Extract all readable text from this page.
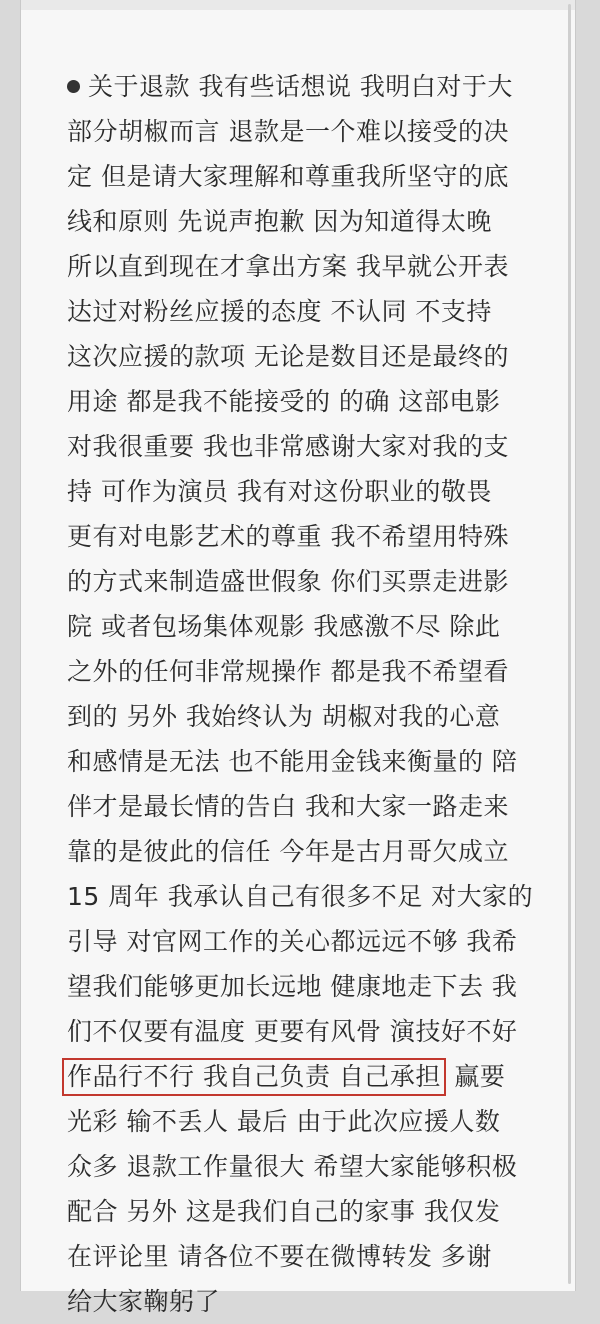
关于退款 我有些话想说 我明白对于大
部分胡椒而言 退款是一个难以接受的决
定 但是请大家理解和尊重我所坚守的底
线和原则 先说声抱歉 因为知道得太晚
所以直到现在才拿出方案 我早就公开表
达过对粉丝应援的态度 不认同 不支持
这次应援的款项 无论是数目还是最终的
用途 都是我不能接受的 的确 这部电影
对我很重要 我也非常感谢大家对我的支
持 可作为演员 我有对这份职业的敬畏
更有对电影艺术的尊重 我不希望用特殊
的方式来制造盛世假象 你们买票走进影
院 或者包场集体观影 我感激不尽 除此
之外的任何非常规操作 都是我不希望看
到的 另外 我始终认为 胡椒对我的心意
和感情是无法 也不能用金钱来衡量的 陪
伴才是最长情的告白 我和大家一路走来
靠的是彼此的信任 今年是古月哥欠成立
15 周年 我承认自己有很多不足 对大家的
引导 对官网工作的关心都远远不够 我希
望我们能够更加长远地 健康地走下去 我
们不仅要有温度 更要有风骨 演技好不好
作品行不行 我自己负责 自己承担 赢要
光彩 输不丢人 最后 由于此次应援人数
众多 退款工作量很大 希望大家能够积极
配合 另外 这是我们自己的家事 我仅发
在评论里 请各位不要在微博转发 多谢
给大家鞠躬了
